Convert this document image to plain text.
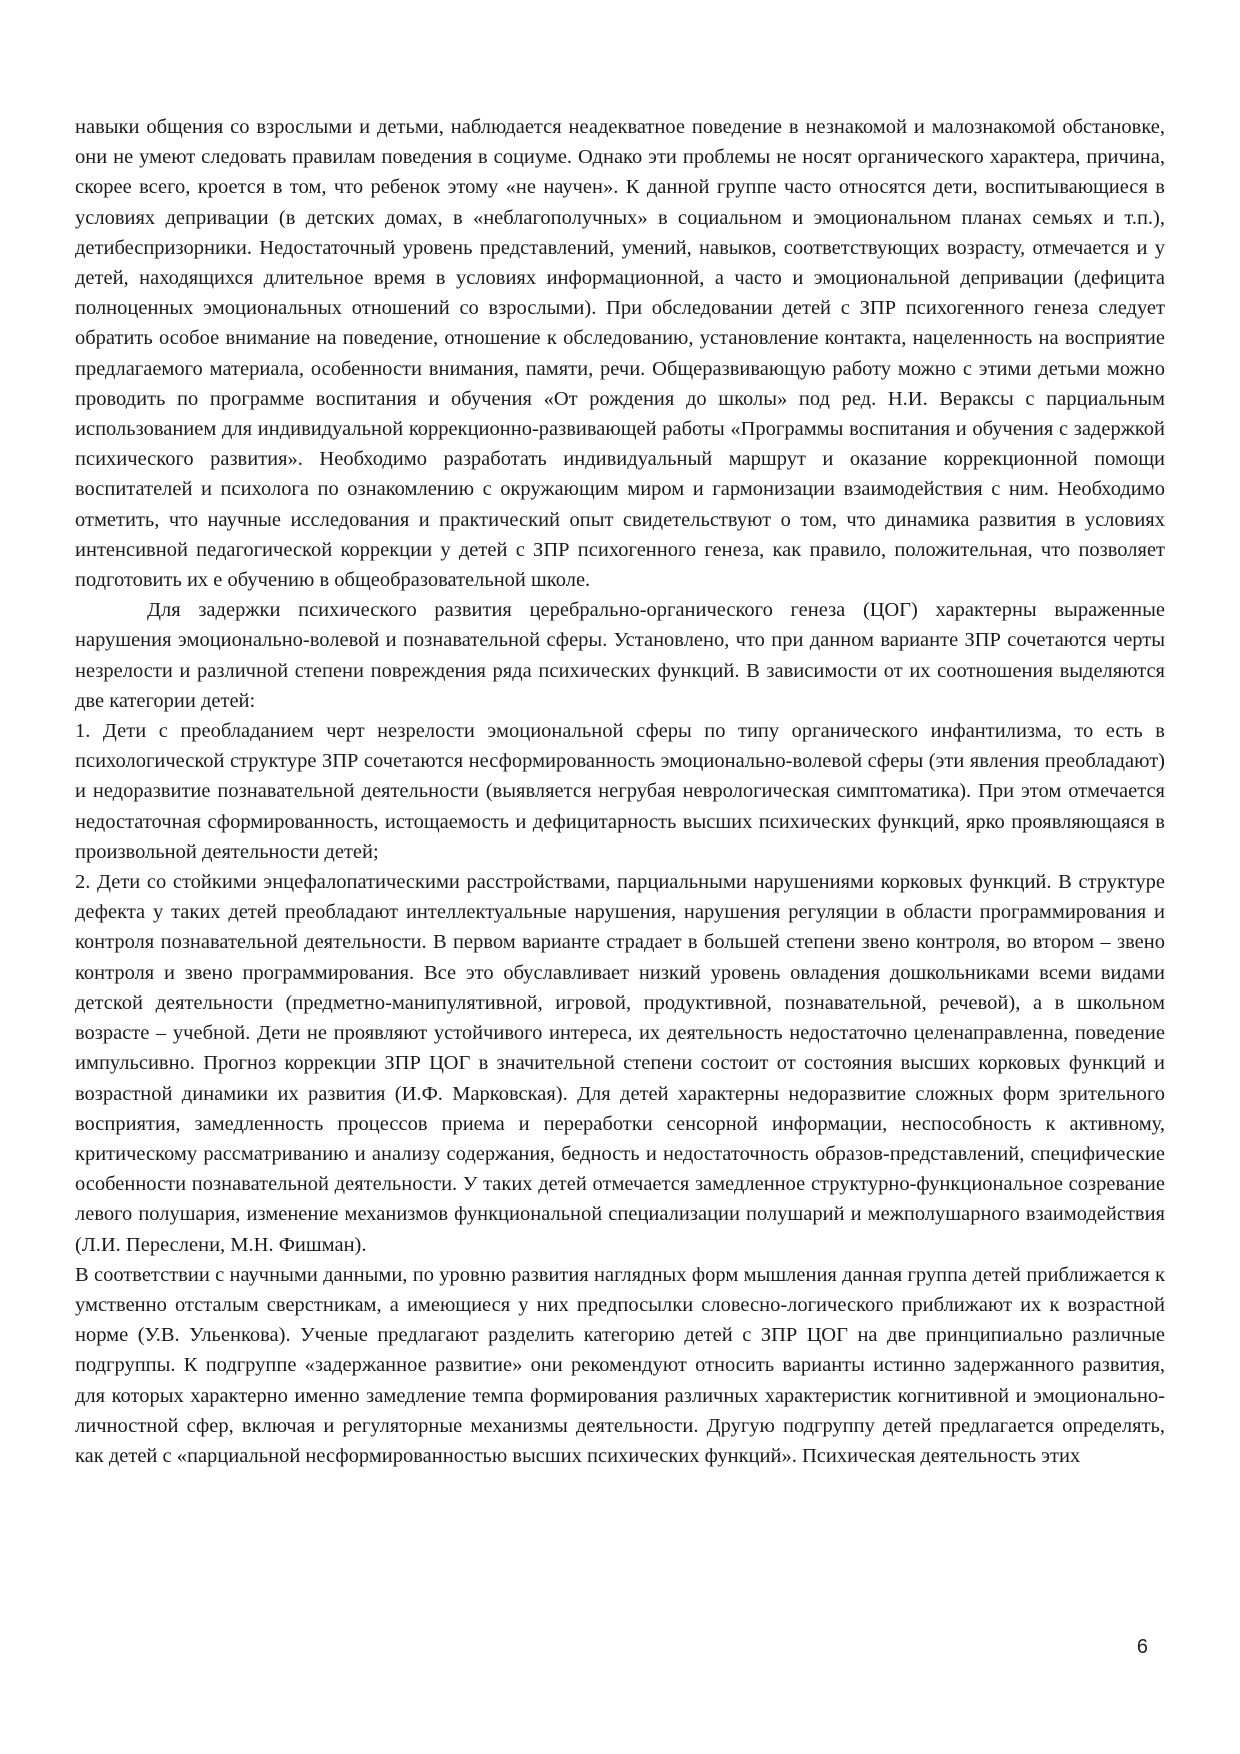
навыки общения со взрослыми и детьми, наблюдается неадекватное поведение в незнакомой и малознакомой обстановке, они не умеют следовать правилам поведения в социуме. Однако эти проблемы не носят органического характера, причина, скорее всего, кроется в том, что ребенок этому «не научен». К данной группе часто относятся дети, воспитывающиеся в условиях депривации (в детских домах, в «неблагополучных» в социальном и эмоциональном планах семьях и т.п.), детибеспризорники. Недостаточный уровень представлений, умений, навыков, соответствующих возрасту, отмечается и у детей, находящихся длительное время в условиях информационной, а часто и эмоциональной депривации (дефицита полноценных эмоциональных отношений со взрослыми). При обследовании детей с ЗПР психогенного генеза следует обратить особое внимание на поведение, отношение к обследованию, установление контакта, нацеленность на восприятие предлагаемого материала, особенности внимания, памяти, речи. Общеразвивающую работу можно с этими детьми можно проводить по программе воспитания и обучения «От рождения до школы» под ред. Н.И. Вераксы с парциальным использованием для индивидуальной коррекционно-развивающей работы «Программы воспитания и обучения с задержкой психического развития». Необходимо разработать индивидуальный маршрут и оказание коррекционной помощи воспитателей и психолога по ознакомлению с окружающим миром и гармонизации взаимодействия с ним. Необходимо отметить, что научные исследования и практический опыт свидетельствуют о том, что динамика развития в условиях интенсивной педагогической коррекции у детей с ЗПР психогенного генеза, как правило, положительная, что позволяет подготовить их е обучению в общеобразовательной школе.

Для задержки психического развития церебрально-органического генеза (ЦОГ) характерны выраженные нарушения эмоционально-волевой и познавательной сферы. Установлено, что при данном варианте ЗПР сочетаются черты незрелости и различной степени повреждения ряда психических функций. В зависимости от их соотношения выделяются две категории детей:

1. Дети с преобладанием черт незрелости эмоциональной сферы по типу органического инфантилизма, то есть в психологической структуре ЗПР сочетаются несформированность эмоционально-волевой сферы (эти явления преобладают) и недоразвитие познавательной деятельности (выявляется негрубая неврологическая симптоматика). При этом отмечается недостаточная сформированность, истощаемость и дефицитарность высших психических функций, ярко проявляющаяся в произвольной деятельности детей;

2. Дети со стойкими энцефалопатическими расстройствами, парциальными нарушениями корковых функций. В структуре дефекта у таких детей преобладают интеллектуальные нарушения, нарушения регуляции в области программирования и контроля познавательной деятельности. В первом варианте страдает в большей степени звено контроля, во втором – звено контроля и звено программирования. Все это обуславливает низкий уровень овладения дошкольниками всеми видами детской деятельности (предметно-манипулятивной, игровой, продуктивной, познавательной, речевой), а в школьном возрасте – учебной. Дети не проявляют устойчивого интереса, их деятельность недостаточно целенаправленна, поведение импульсивно. Прогноз коррекции ЗПР ЦОГ в значительной степени состоит от состояния высших корковых функций и возрастной динамики их развития (И.Ф. Марковская). Для детей характерны недоразвитие сложных форм зрительного восприятия, замедленность процессов приема и переработки сенсорной информации, неспособность к активному, критическому рассматриванию и анализу содержания, бедность и недостаточность образов-представлений, специфические особенности познавательной деятельности. У таких детей отмечается замедленное структурно-функциональное созревание левого полушария, изменение механизмов функциональной специализации полушарий и межполушарного взаимодействия (Л.И. Переслени, М.Н. Фишман).

В соответствии с научными данными, по уровню развития наглядных форм мышления данная группа детей приближается к умственно отсталым сверстникам, а имеющиеся у них предпосылки словесно-логического приближают их к возрастной норме (У.В. Ульенкова). Ученые предлагают разделить категорию детей с ЗПР ЦОГ на две принципиально различные подгруппы. К подгруппе «задержанное развитие» они рекомендуют относить варианты истинно задержанного развития, для которых характерно именно замедление темпа формирования различных характеристик когнитивной и эмоционально-личностной сфер, включая и регуляторные механизмы деятельности. Другую подгруппу детей предлагается определять, как детей с «парциальной несформированностью высших психических функций». Психическая деятельность этих

6
